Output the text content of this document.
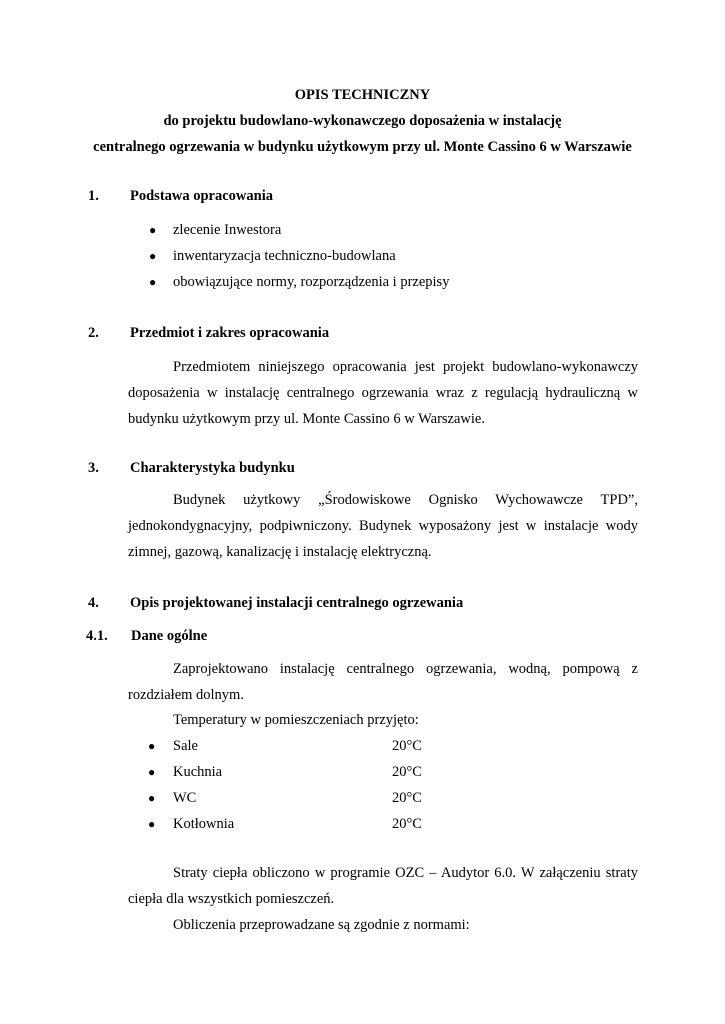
OPIS TECHNICZNY
do projektu budowlano-wykonawczego doposażenia w instalację
centralnego ogrzewania w budynku użytkowym przy ul. Monte Cassino 6 w Warszawie
1. Podstawa opracowania
● zlecenie Inwestora
● inwentaryzacja techniczno-budowlana
● obowiązujące normy, rozporządzenia i przepisy
2. Przedmiot i zakres opracowania
Przedmiotem niniejszego opracowania jest projekt budowlano-wykonawczy
doposażenia w instalację centralnego ogrzewania wraz z regulacją hydrauliczną w
budynku użytkowym przy ul. Monte Cassino 6 w Warszawie.
3. Charakterystyka budynku
Budynek użytkowy „Środowiskowe Ognisko Wychowawcze TPD”,
jednokondygnacyjny, podpiwniczony. Budynek wyposażony jest w instalacje wody
zimnej, gazową, kanalizację i instalację elektryczną.
4. Opis projektowanej instalacji centralnego ogrzewania
4.1. Dane ogólne
Zaprojektowano instalację centralnego ogrzewania, wodną, pompową z
rozdziałem dolnym.
Temperatury w pomieszczeniach przyjęto:
● Sale	20°C
● Kuchnia	20°C
● WC	20°C
● Kotłownia	20°C
Straty ciepła obliczono w programie OZC – Audytor 6.0. W załączeniu straty
ciepła dla wszystkich pomieszczeń.
Obliczenia przeprowadzane są zgodnie z normami:
